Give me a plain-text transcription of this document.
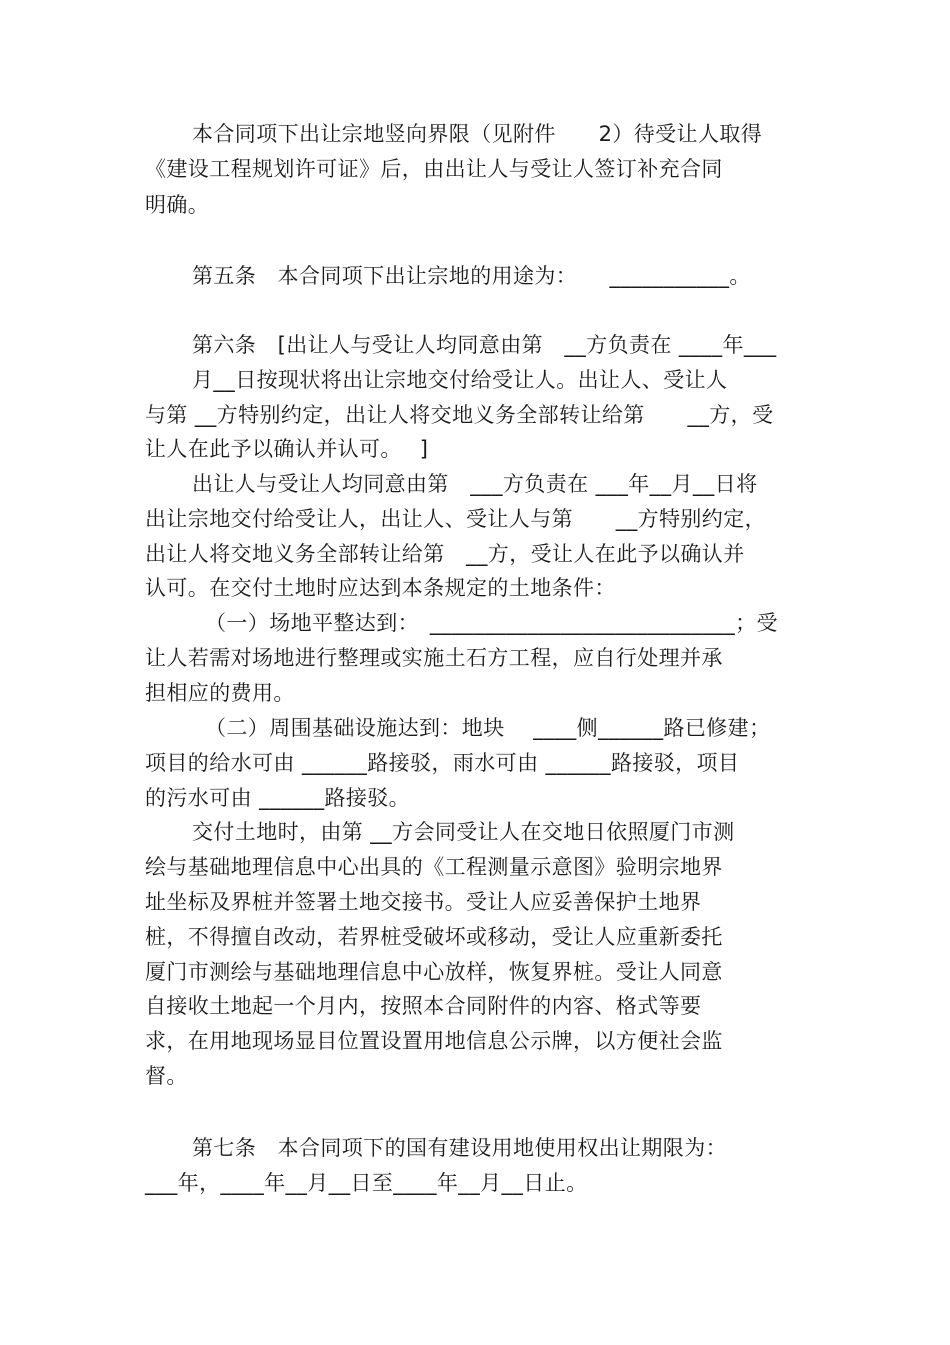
本合同项下出让宗地竖向界限（见附件　　2）待受让人取得
《建设工程规划许可证》后，由出让人与受让人签订补充合同
明确。
第五条　本合同项下出让宗地的用途为：　　___________。
第六条　[出让人与受让人均同意由第　__方负责在 ____年___
月__日按现状将出让宗地交付给受让人。出让人、受让人
与第 __方特别约定，出让人将交地义务全部转让给第　　__方，受
让人在此予以确认并认可。　 ]
出让人与受让人均同意由第　___方负责在 ___年__月__日将
出让宗地交付给受让人，出让人、受让人与第　　__方特别约定，
出让人将交地义务全部转让给第　__方，受让人在此予以确认并
认可。在交付土地时应达到本条规定的土地条件：
（一）场地平整达到：　____________________________；受
让人若需对场地进行整理或实施土石方工程，应自行处理并承
担相应的费用。
（二）周围基础设施达到：地块　 ____侧______路已修建；
项目的给水可由 ______路接驳，雨水可由 ______路接驳，项目
的污水可由 ______路接驳。
交付土地时，由第 __方会同受让人在交地日依照厦门市测
绘与基础地理信息中心出具的《工程测量示意图》验明宗地界
址坐标及界桩并签署土地交接书。受让人应妥善保护土地界
桩，不得擅自改动，若界桩受破坏或移动，受让人应重新委托
厦门市测绘与基础地理信息中心放样，恢复界桩。受让人同意
自接收土地起一个月内，按照本合同附件的内容、格式等要
求，在用地现场显目位置设置用地信息公示牌，以方便社会监
督。
第七条　本合同项下的国有建设用地使用权出让期限为：
___年，____年__月__日至____年__月__日止。
